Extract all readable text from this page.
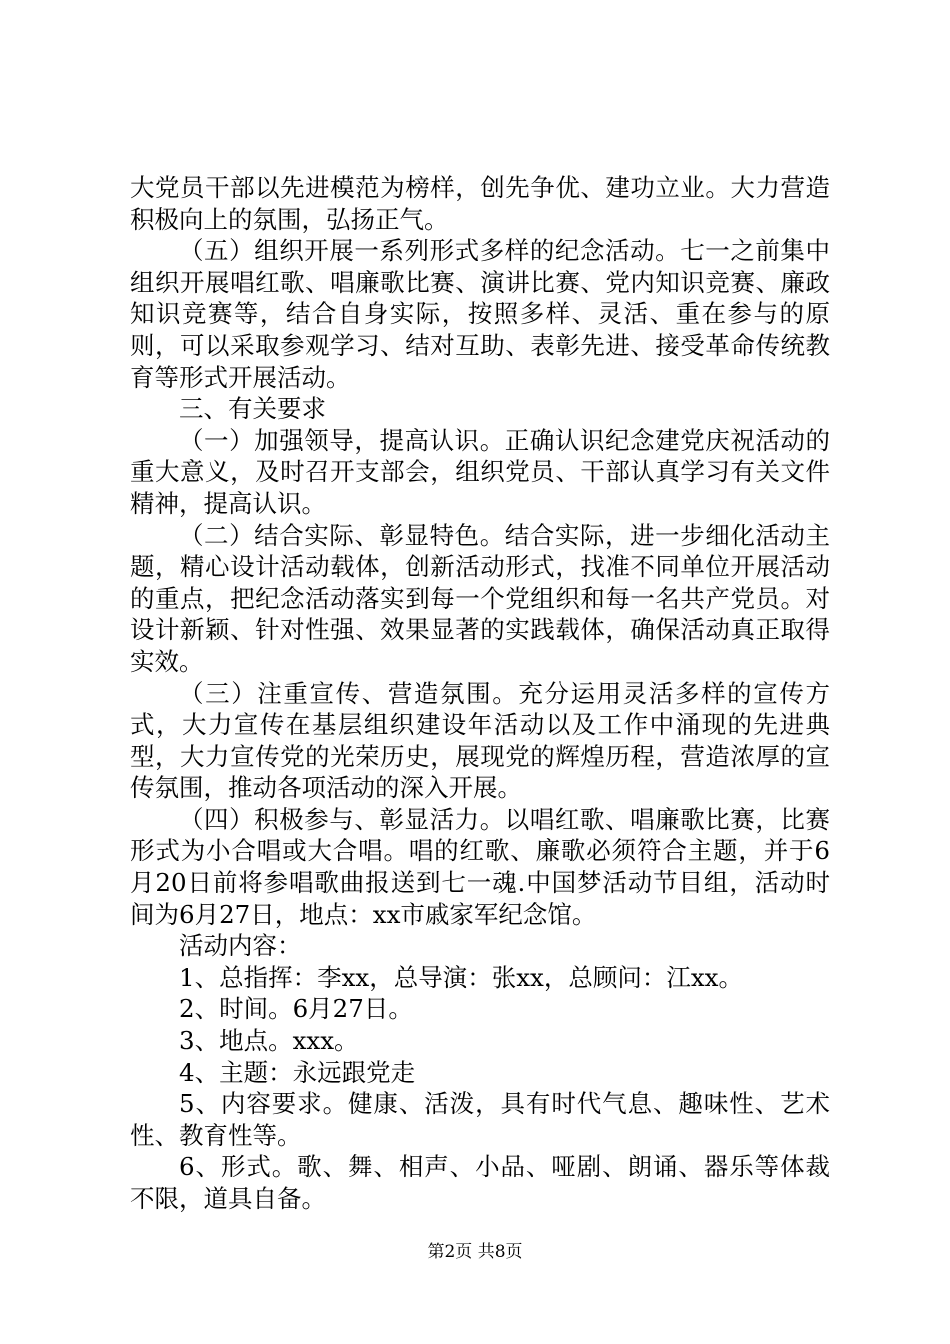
大党员干部以先进模范为榜样，创先争优、建功立业。大力营造积极向上的氛围，弘扬正气。

（五）组织开展一系列形式多样的纪念活动。七一之前集中组织开展唱红歌、唱廉歌比赛、演讲比赛、党内知识竞赛、廉政知识竞赛等，结合自身实际，按照多样、灵活、重在参与的原则，可以采取参观学习、结对互助、表彰先进、接受革命传统教育等形式开展活动。

三、有关要求

（一）加强领导，提高认识。正确认识纪念建党庆祝活动的重大意义，及时召开支部会，组织党员、干部认真学习有关文件精神，提高认识。

（二）结合实际、彰显特色。结合实际，进一步细化活动主题，精心设计活动载体，创新活动形式，找准不同单位开展活动的重点，把纪念活动落实到每一个党组织和每一名共产党员。对设计新颖、针对性强、效果显著的实践载体，确保活动真正取得实效。

（三）注重宣传、营造氛围。充分运用灵活多样的宣传方式，大力宣传在基层组织建设年活动以及工作中涌现的先进典型，大力宣传党的光荣历史，展现党的辉煌历程，营造浓厚的宣传氛围，推动各项活动的深入开展。

（四）积极参与、彰显活力。以唱红歌、唱廉歌比赛，比赛形式为小合唱或大合唱。唱的红歌、廉歌必须符合主题，并于6月20日前将参唱歌曲报送到七一魂.中国梦活动节目组，活动时间为6月27日，地点：xx市戚家军纪念馆。

活动内容：

1、总指挥：李xx，总导演：张xx，总顾问：江xx。

2、时间。6月27日。

3、地点。xxx。

4、主题：永远跟党走

5、内容要求。健康、活泼，具有时代气息、趣味性、艺术性、教育性等。

6、形式。歌、舞、相声、小品、哑剧、朗诵、器乐等体裁不限，道具自备。

第2页 共8页
